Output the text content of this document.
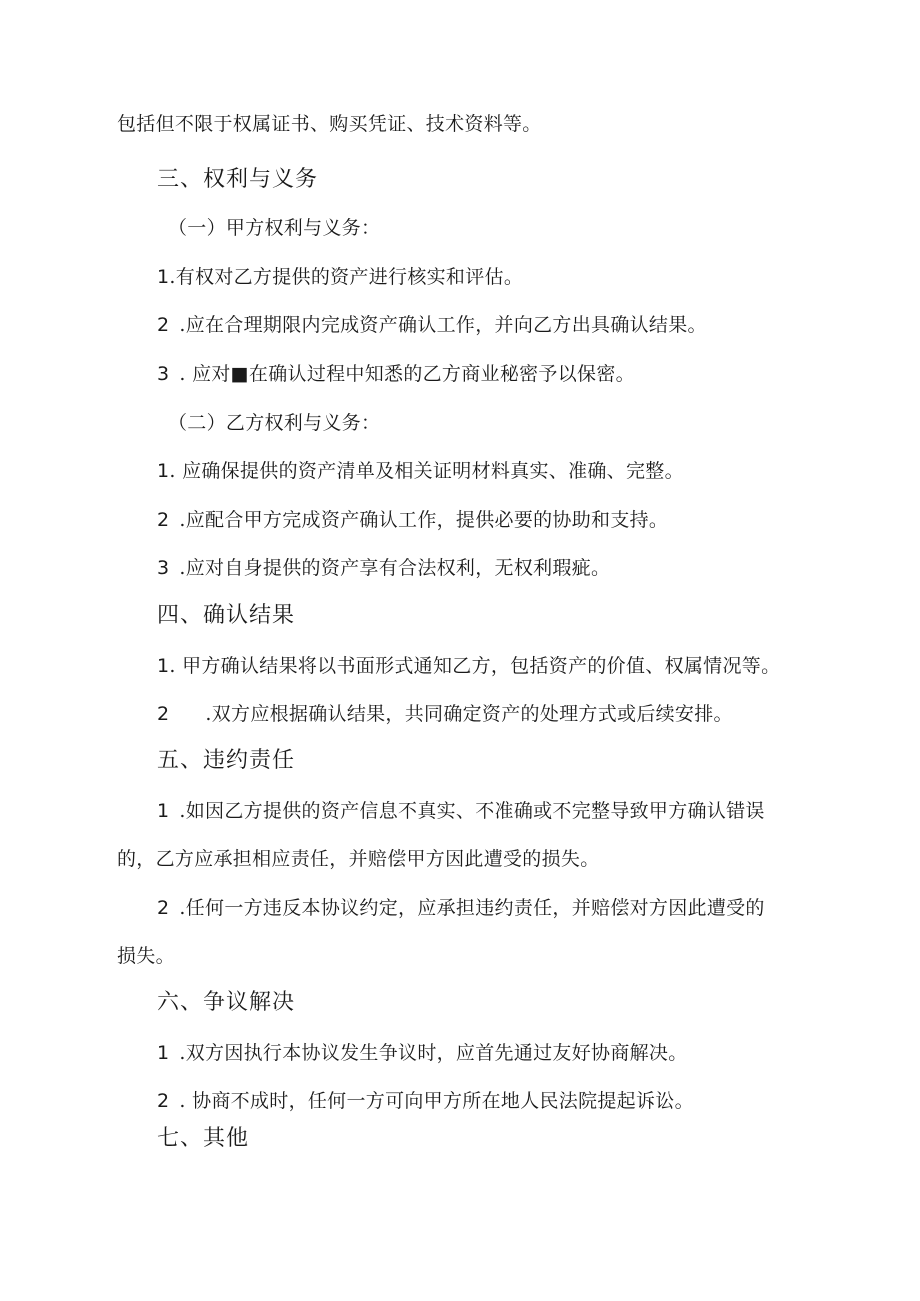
包括但不限于权属证书、购买凭证、技术资料等。
三、权利与义务
（一）甲方权利与义务：
1.有权对乙方提供的资产进行核实和评估。
2 .应在合理期限内完成资产确认工作，并向乙方出具确认结果。
3 . 应对■在确认过程中知悉的乙方商业秘密予以保密。
（二）乙方权利与义务：
1. 应确保提供的资产清单及相关证明材料真实、准确、完整。
2 .应配合甲方完成资产确认工作，提供必要的协助和支持。
3 .应对自身提供的资产享有合法权利，无权利瑕疵。
四、确认结果
1. 甲方确认结果将以书面形式通知乙方，包括资产的价值、权属情况等。
2 .双方应根据确认结果，共同确定资产的处理方式或后续安排。
五、违约责任
1 .如因乙方提供的资产信息不真实、不准确或不完整导致甲方确认错误
的，乙方应承担相应责任，并赔偿甲方因此遭受的损失。
2 .任何一方违反本协议约定，应承担违约责任，并赔偿对方因此遭受的
损失。
六、争议解决
1 .双方因执行本协议发生争议时，应首先通过友好协商解决。
2 . 协商不成时，任何一方可向甲方所在地人民法院提起诉讼。
七、其他
